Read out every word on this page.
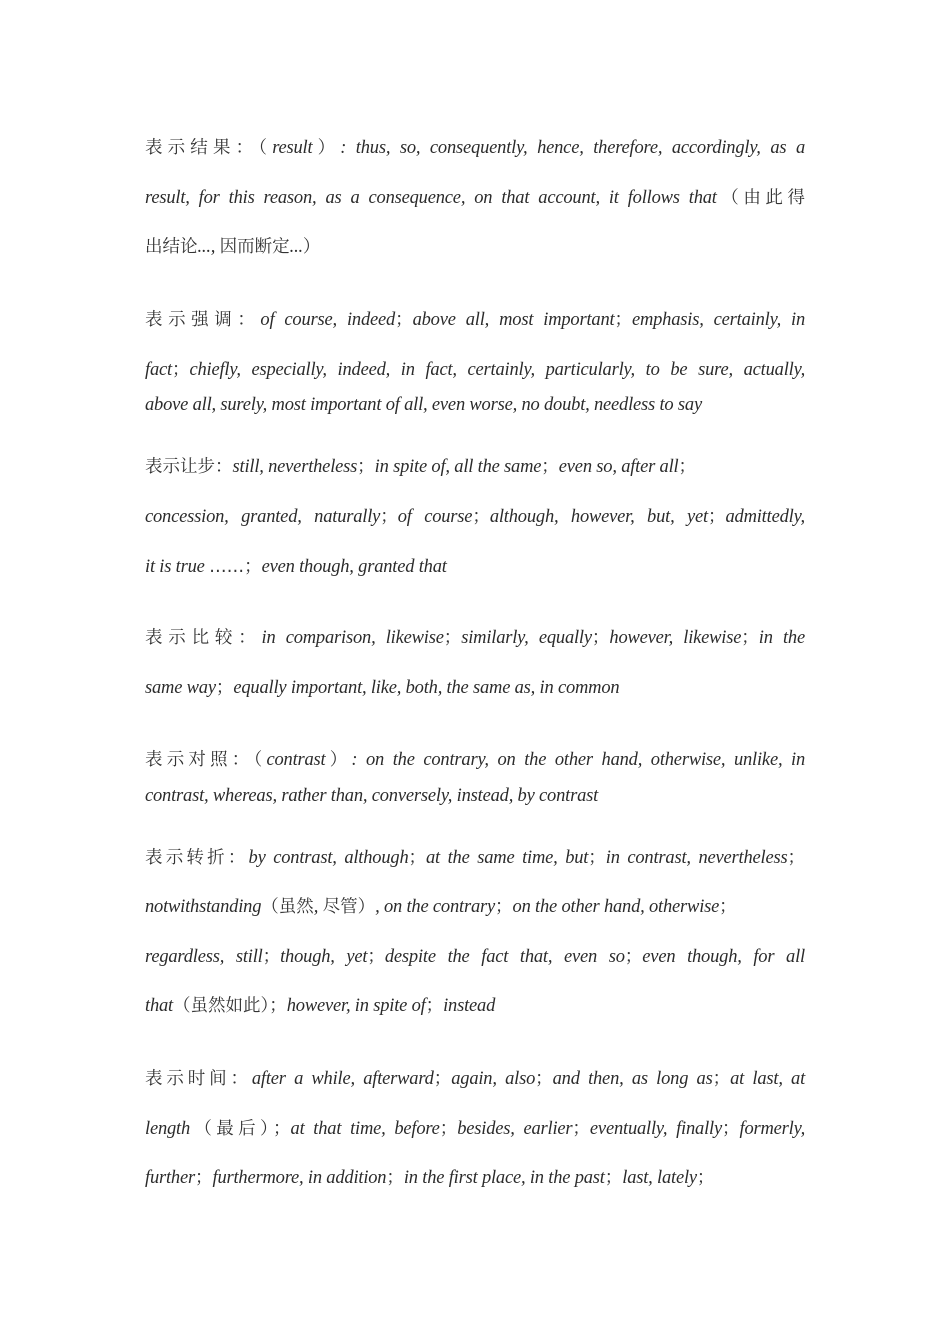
表示结果：（result）: thus, so, consequently, hence, therefore, accordingly, as a
result, for this reason, as a consequence, on that account, it follows that（由此得
出结论..., 因而断定...）
表示强调：of course, indeed；above all, most important；emphasis, certainly, in
fact；chiefly, especially, indeed, in fact, certainly, particularly, to be sure, actually,
above all, surely, most important of all, even worse, no doubt, needless to say
表示让步：still, nevertheless；in spite of, all the same；even so, after all；
concession, granted, naturally；of course；although, however, but, yet；admittedly,
it is true ……；even though, granted that
表示比较：in comparison, likewise；similarly, equally；however, likewise；in the
same way；equally important, like, both, the same as, in common
表示对照：（contrast）: on the contrary, on the other hand, otherwise, unlike, in
contrast, whereas, rather than, conversely, instead, by contrast
表示转折：by contrast, although；at the same time, but；in contrast, nevertheless；
notwithstanding（虽然, 尽管）, on the contrary；on the other hand, otherwise；
regardless, still；though, yet；despite the fact that, even so；even though, for all
that（虽然如此）；however, in spite of；instead
表示时间：after a while, afterward；again, also；and then, as long as；at last, at
length（最后）；at that time, before；besides, earlier；eventually, finally；formerly,
further；furthermore, in addition；in the first place, in the past；last, lately；
